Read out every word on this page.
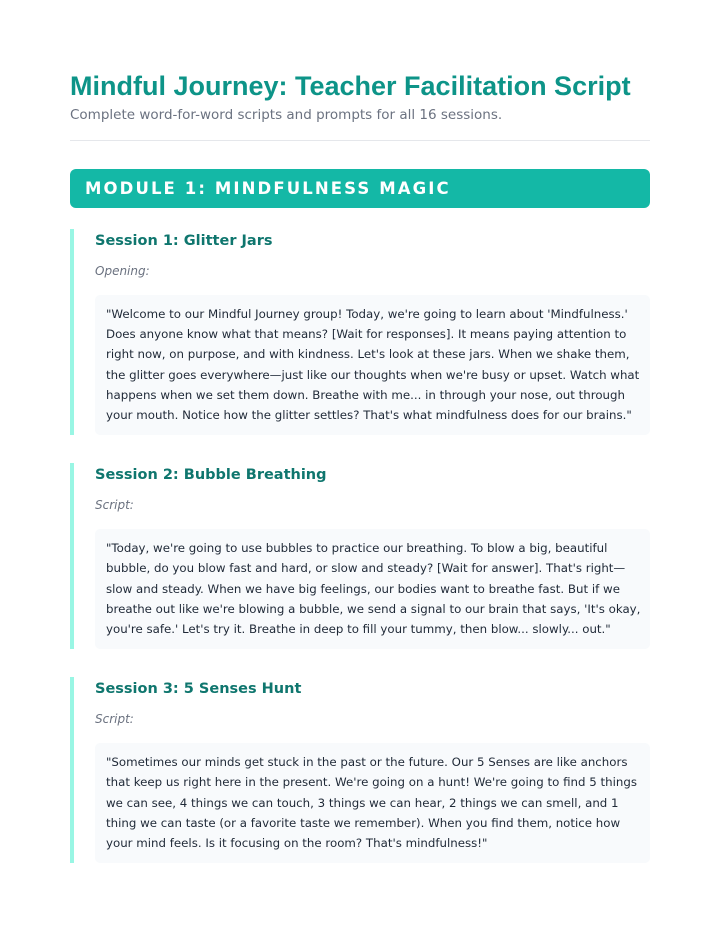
Mindful Journey: Teacher Facilitation Script

Complete word-for-word scripts and prompts for all 16 sessions.

MODULE 1: MINDFULNESS MAGIC
Session 1: Glitter Jars

Opening:

"Welcome to our Mindful Journey group! Today, we're going to learn about 'Mindfulness.' Does anyone know what that means? [Wait for responses]. It means paying attention to right now, on purpose, and with kindness. Let's look at these jars. When we shake them, the glitter goes everywhere—just like our thoughts when we're busy or upset. Watch what happens when we set them down. Breathe with me... in through your nose, out through your mouth. Notice how the glitter settles? That's what mindfulness does for our brains."
Session 2: Bubble Breathing

Script:

"Today, we're going to use bubbles to practice our breathing. To blow a big, beautiful bubble, do you blow fast and hard, or slow and steady? [Wait for answer]. That's right—slow and steady. When we have big feelings, our bodies want to breathe fast. But if we breathe out like we're blowing a bubble, we send a signal to our brain that says, 'It's okay, you're safe.' Let's try it. Breathe in deep to fill your tummy, then blow... slowly... out."
Session 3: 5 Senses Hunt

Script:

"Sometimes our minds get stuck in the past or the future. Our 5 Senses are like anchors that keep us right here in the present. We're going on a hunt! We're going to find 5 things we can see, 4 things we can touch, 3 things we can hear, 2 things we can smell, and 1 thing we can taste (or a favorite taste we remember). When you find them, notice how your mind feels. Is it focusing on the room? That's mindfulness!"
